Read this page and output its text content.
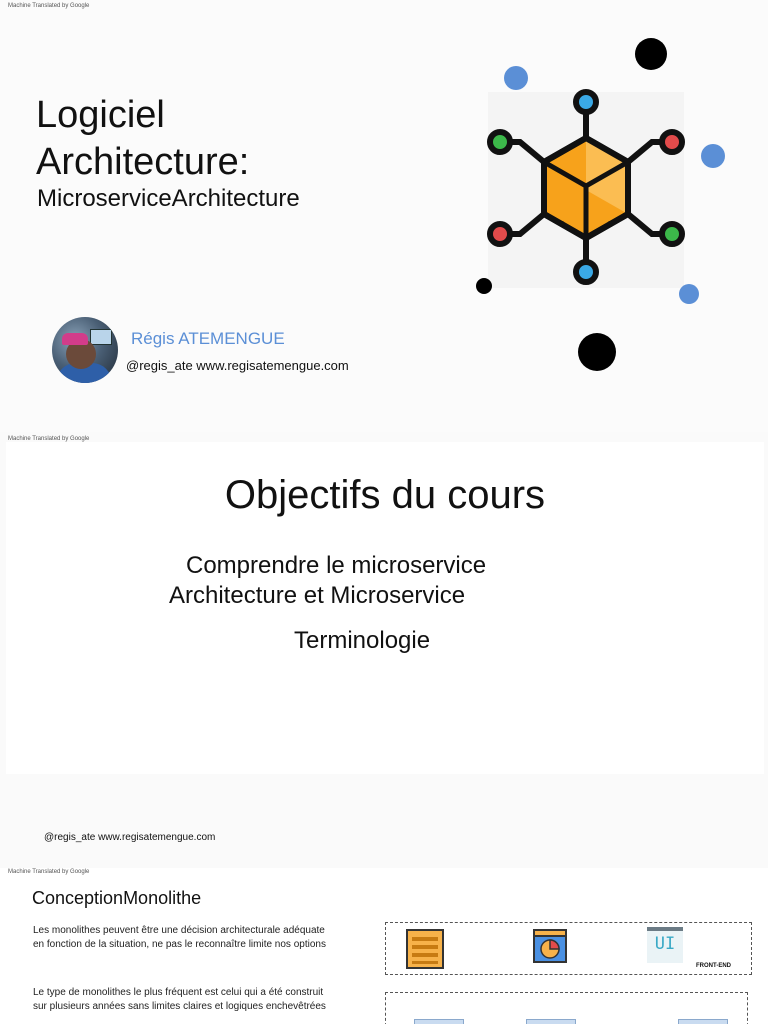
Machine Translated by Google
Logiciel
Architecture:
MicroserviceArchitecture
Régis ATEMENGUE
@regis_ate www.regisatemengue.com
Machine Translated by Google
Objectifs du cours
Comprendre le microservice
Architecture et Microservice
Terminologie
@regis_ate www.regisatemengue.com
Machine Translated by Google
ConceptionMonolithe
Les monolithes peuvent être une décision architecturale adéquate en fonction de la situation, ne pas le reconnaître limite nos options
Le type de monolithes le plus fréquent est celui qui a été construit sur plusieurs années sans limites claires et logiques enchevêtrées
UI
FRONT-END
